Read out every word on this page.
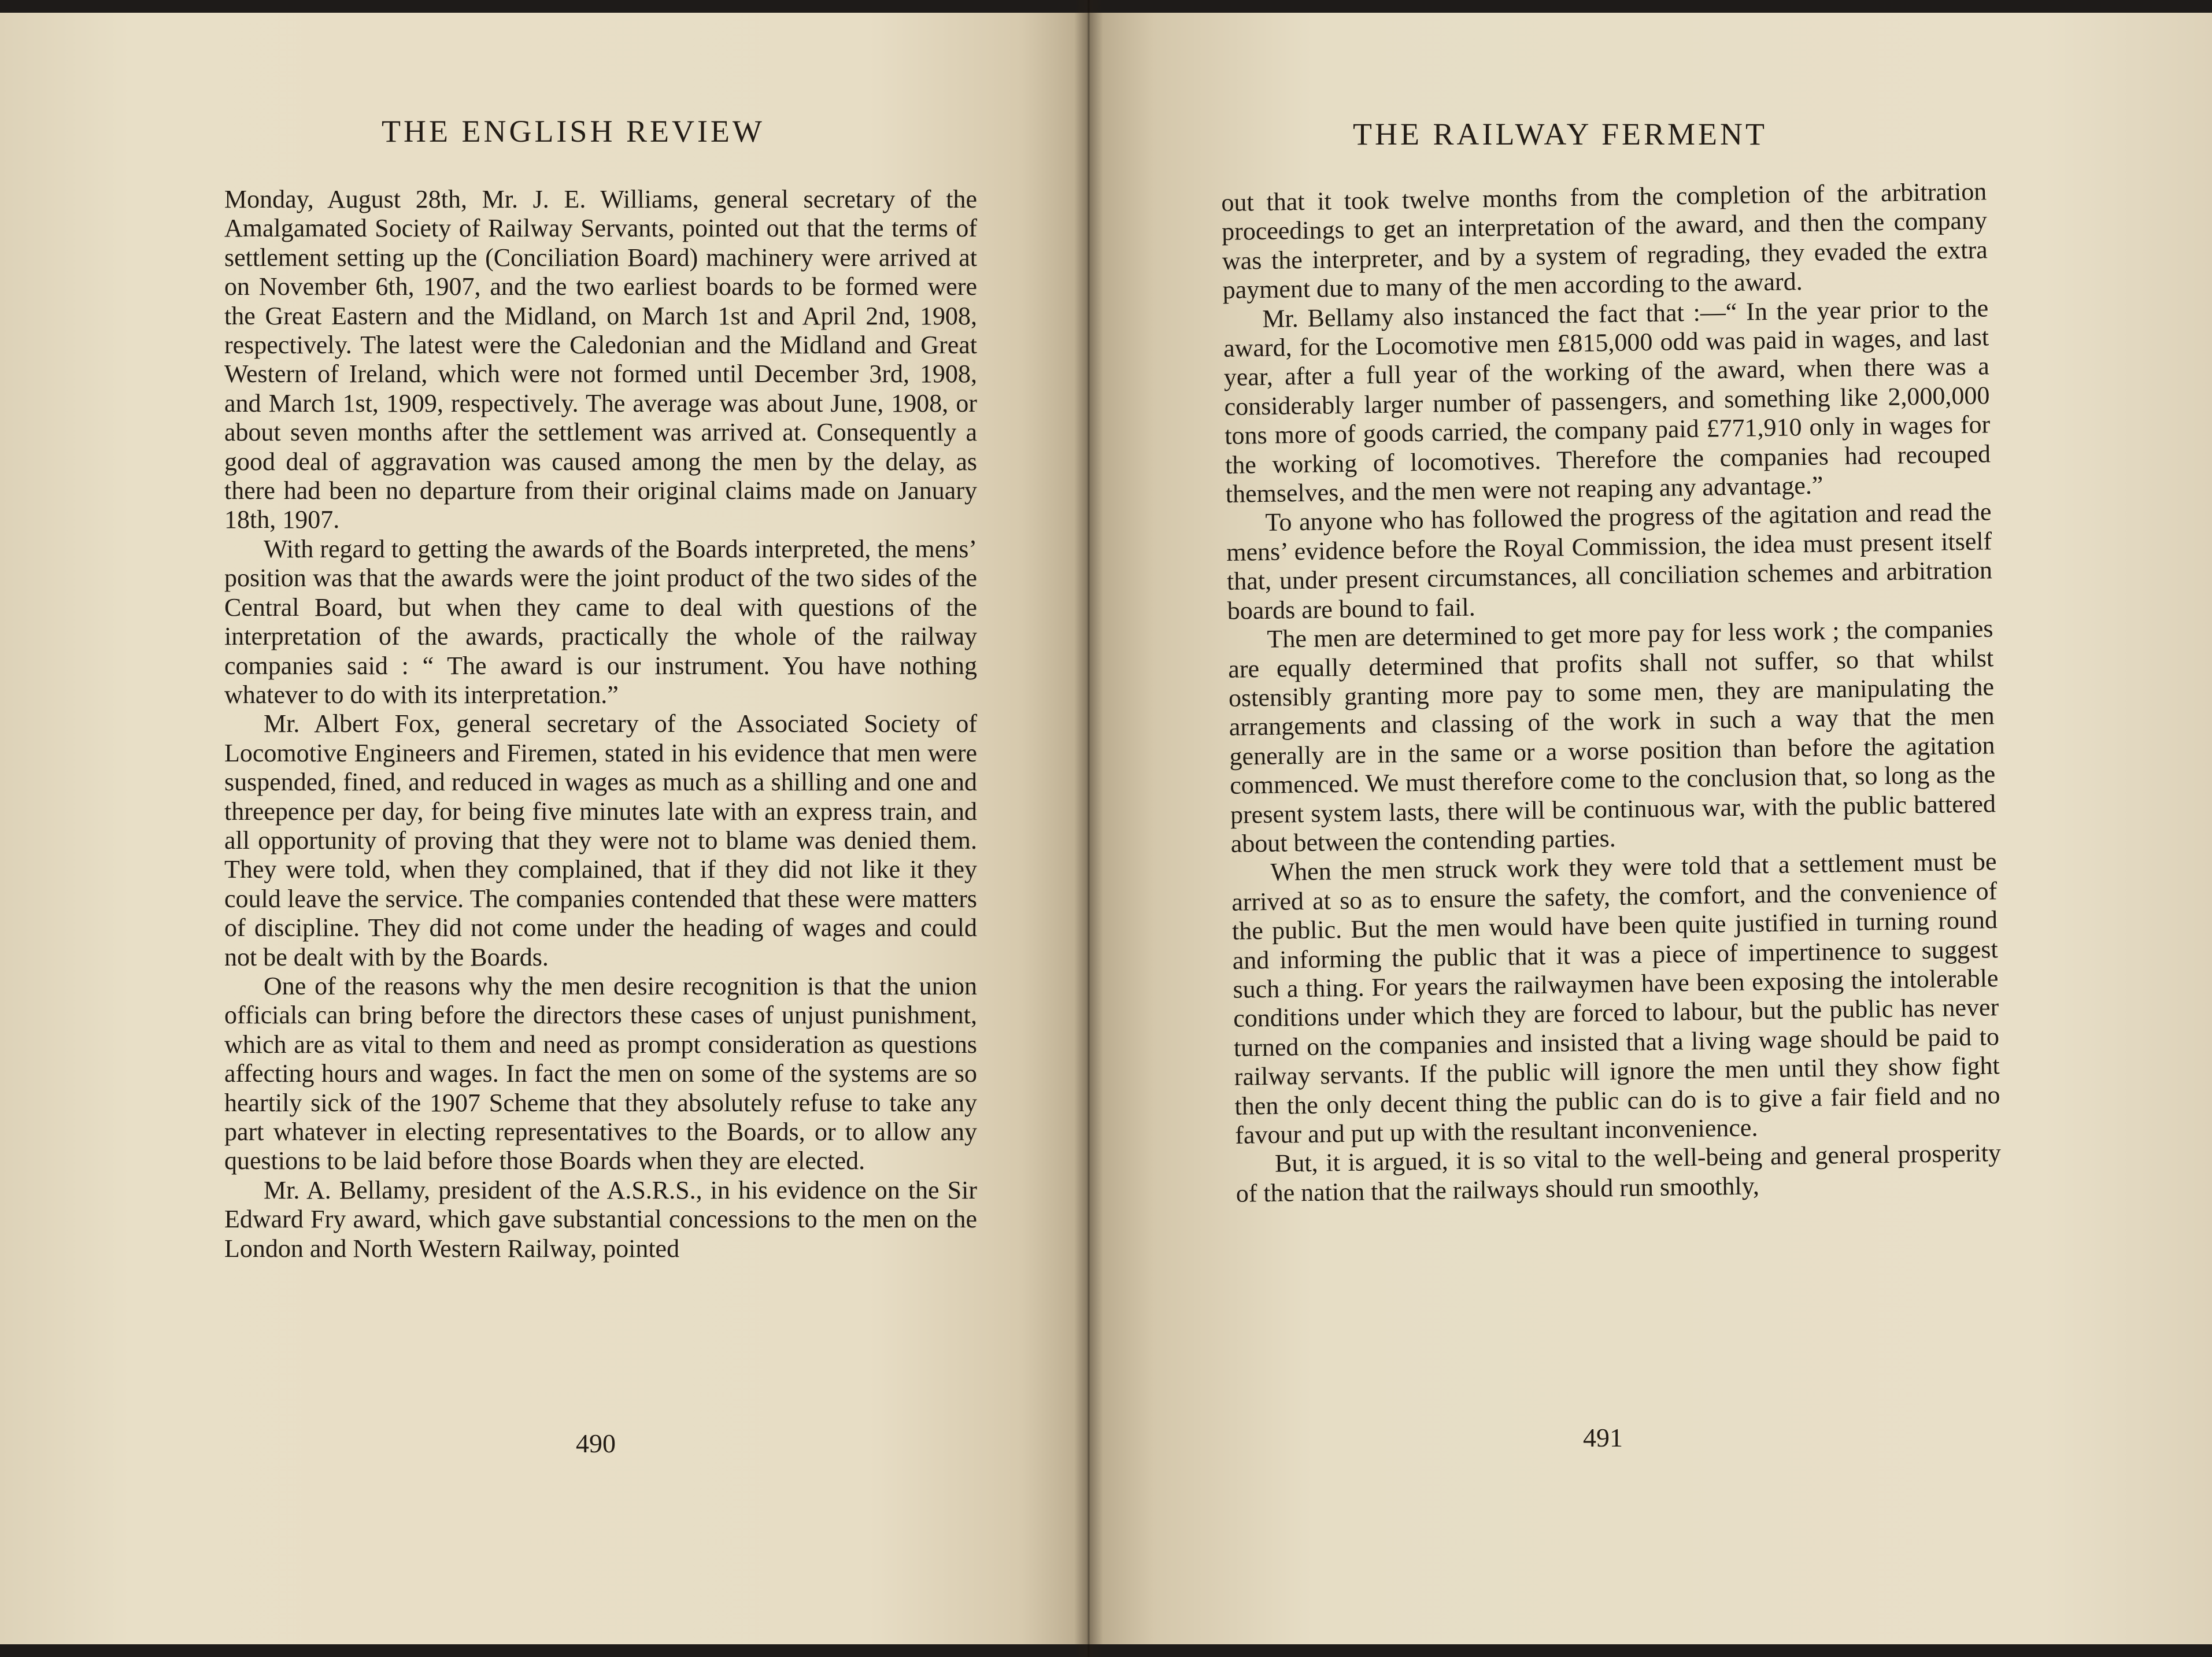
THE ENGLISH REVIEW

Monday, August 28th, Mr. J. E. Williams, general secretary of the Amalgamated Society of Railway Servants, pointed out that the terms of settlement setting up the (Conciliation Board) machinery were arrived at on November 6th, 1907, and the two earliest boards to be formed were the Great Eastern and the Midland, on March 1st and April 2nd, 1908, respectively. The latest were the Caledonian and the Midland and Great Western of Ireland, which were not formed until December 3rd, 1908, and March 1st, 1909, respectively. The average was about June, 1908, or about seven months after the settlement was arrived at. Consequently a good deal of aggravation was caused among the men by the delay, as there had been no departure from their original claims made on January 18th, 1907.

With regard to getting the awards of the Boards interpreted, the mens’ position was that the awards were the joint product of the two sides of the Central Board, but when they came to deal with questions of the interpretation of the awards, practically the whole of the railway companies said : “ The award is our instrument. You have nothing whatever to do with its interpretation.”

Mr. Albert Fox, general secretary of the Associated Society of Locomotive Engineers and Firemen, stated in his evidence that men were suspended, fined, and reduced in wages as much as a shilling and one and threepence per day, for being five minutes late with an express train, and all opportunity of proving that they were not to blame was denied them. They were told, when they complained, that if they did not like it they could leave the service. The companies contended that these were matters of discipline. They did not come under the heading of wages and could not be dealt with by the Boards.

One of the reasons why the men desire recognition is that the union officials can bring before the directors these cases of unjust punishment, which are as vital to them and need as prompt consideration as questions affecting hours and wages. In fact the men on some of the systems are so heartily sick of the 1907 Scheme that they absolutely refuse to take any part whatever in electing representatives to the Boards, or to allow any questions to be laid before those Boards when they are elected.

Mr. A. Bellamy, president of the A.S.R.S., in his evidence on the Sir Edward Fry award, which gave substantial concessions to the men on the London and North Western Railway, pointed

490
THE RAILWAY FERMENT

out that it took twelve months from the completion of the arbitration proceedings to get an interpretation of the award, and then the company was the interpreter, and by a system of regrading, they evaded the extra payment due to many of the men according to the award.

Mr. Bellamy also instanced the fact that :—“ In the year prior to the award, for the Locomotive men £815,000 odd was paid in wages, and last year, after a full year of the working of the award, when there was a considerably larger number of passengers, and something like 2,000,000 tons more of goods carried, the company paid £771,910 only in wages for the working of locomotives. Therefore the companies had recouped themselves, and the men were not reaping any advantage.”

To anyone who has followed the progress of the agitation and read the mens’ evidence before the Royal Commission, the idea must present itself that, under present circumstances, all conciliation schemes and arbitration boards are bound to fail.

The men are determined to get more pay for less work ; the companies are equally determined that profits shall not suffer, so that whilst ostensibly granting more pay to some men, they are manipulating the arrangements and classing of the work in such a way that the men generally are in the same or a worse position than before the agitation commenced. We must therefore come to the conclusion that, so long as the present system lasts, there will be continuous war, with the public battered about between the contending parties.

When the men struck work they were told that a settlement must be arrived at so as to ensure the safety, the comfort, and the convenience of the public. But the men would have been quite justified in turning round and informing the public that it was a piece of impertinence to suggest such a thing. For years the railwaymen have been exposing the intolerable conditions under which they are forced to labour, but the public has never turned on the companies and insisted that a living wage should be paid to railway servants. If the public will ignore the men until they show fight then the only decent thing the public can do is to give a fair field and no favour and put up with the resultant inconvenience.

But, it is argued, it is so vital to the well-being and general prosperity of the nation that the railways should run smoothly,

491
